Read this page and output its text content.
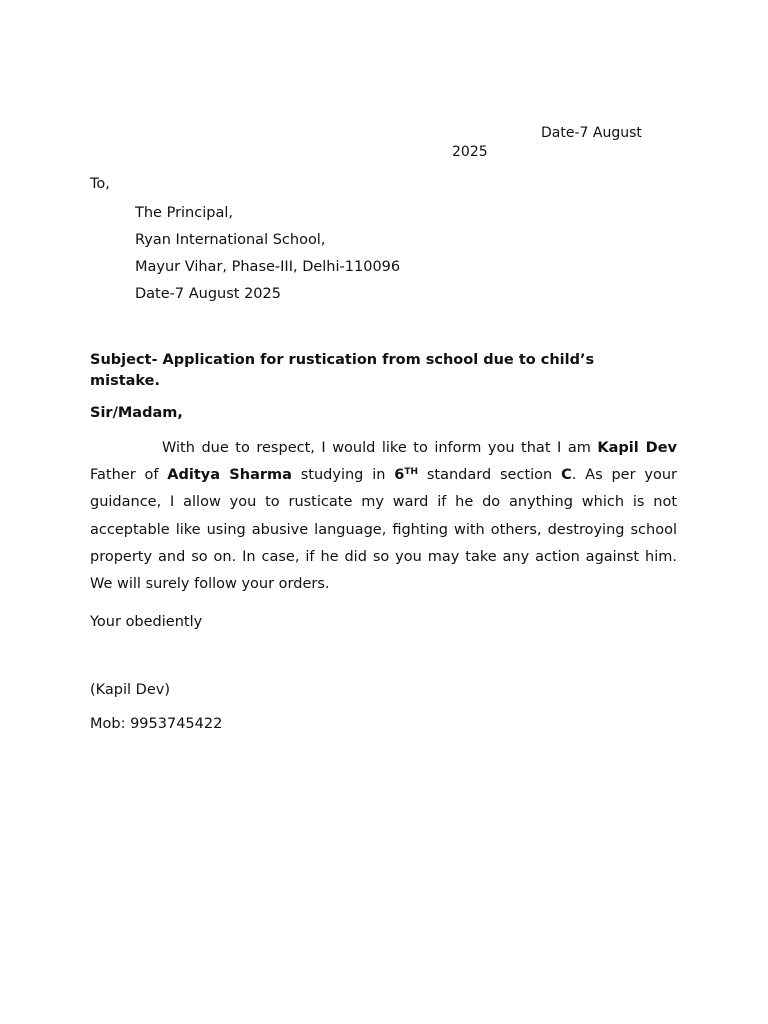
Date-7 August
2025
To,
The Principal,
Ryan International School,
Mayur Vihar, Phase-III, Delhi-110096
Date-7 August 2025
Subject- Application for rustication from school due to child’s mistake.
Sir/Madam,
With due to respect, I would like to inform you that I am Kapil Dev Father of Aditya Sharma studying in 6TH standard section C. As per your guidance, I allow you to rusticate my ward if he do anything which is not acceptable like using abusive language, fighting with others, destroying school property and so on. In case, if he did so you may take any action against him. We will surely follow your orders.
Your obediently
(Kapil Dev)
Mob: 9953745422
